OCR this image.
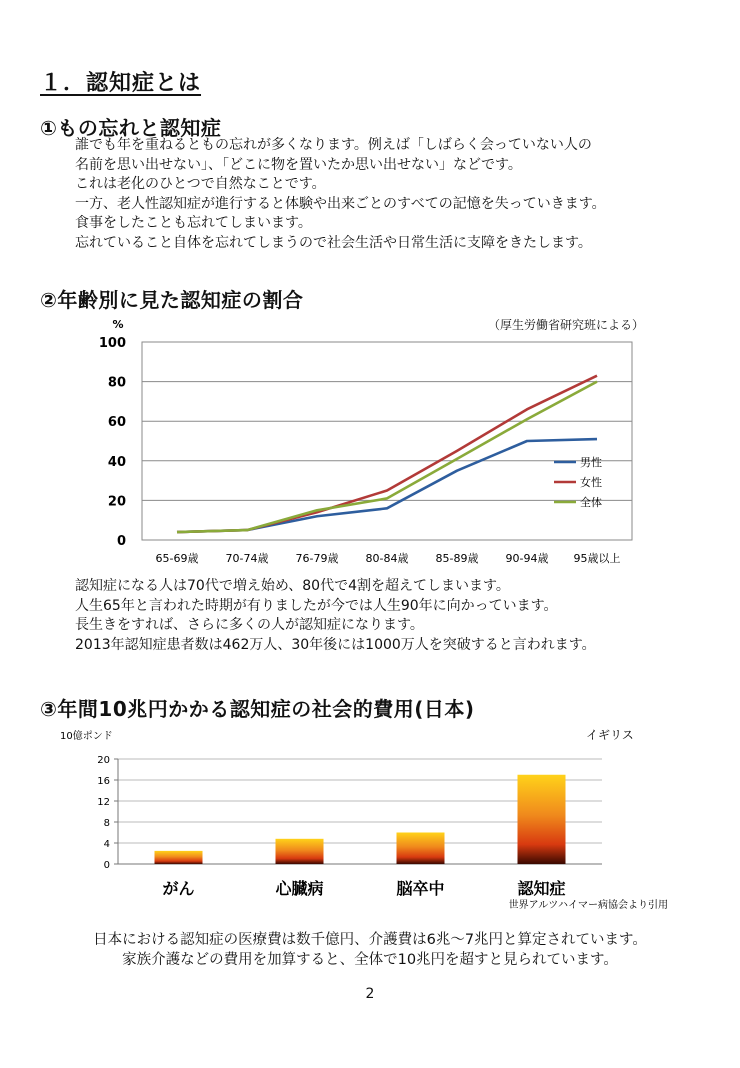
１．認知症とは
①もの忘れと認知症
誰でも年を重ねるともの忘れが多くなります。例えば「しばらく会っていない人の
名前を思い出せない」、「どこに物を置いたか思い出せない」などです。
これは老化のひとつで自然なことです。
一方、老人性認知症が進行すると体験や出来ごとのすべての記憶を失っていきます。
食事をしたことも忘れてしまいます。
忘れていること自体を忘れてしまうので社会生活や日常生活に支障をきたします。
②年齢別に見た認知症の割合
（厚生労働省研究班による）
100
80
60
40
20
0
65-69歳 70-74歳 76-79歳 80-84歳 85-89歳 90-94歳 95歳以上
男性
女性
全体
%
認知症になる人は70代で増え始め、80代で4割を超えてしまいます。
人生65年と言われた時期が有りましたが今では人生90年に向かっています。
長生きをすれば、さらに多くの人が認知症になります。
2013年認知症患者数は462万人、30年後には1000万人を突破すると言われます。
③年間10兆円かかる認知症の社会的費用(日本)
10億ポンド	イギリス
20
16
12
8
4
0
がん	心臓病	脳卒中	認知症
世界アルツハイマー病協会より引用
日本における認知症の医療費は数千億円、介護費は6兆～7兆円と算定されています。
家族介護などの費用を加算すると、全体で10兆円を超すと見られています。
2
